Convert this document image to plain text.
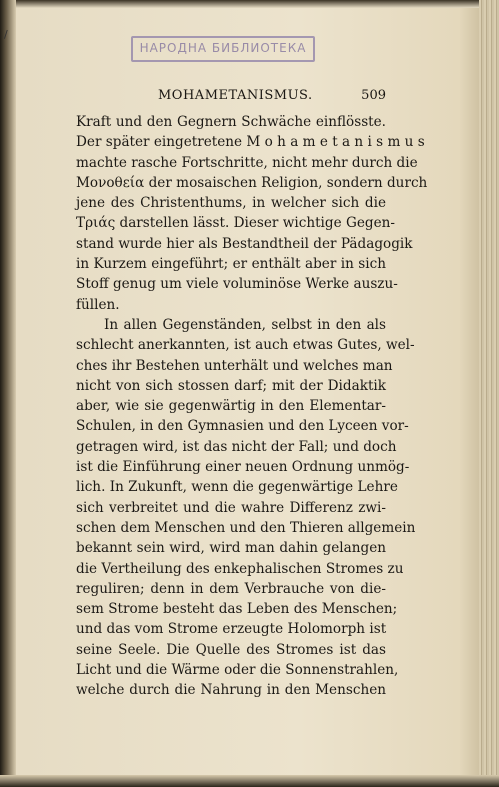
/
НАРОДНА БИБЛИОТЕКА
MOHAMETANISMUS.	509
Kraft und den Gegnern Schwäche einflösste.
Der später eingetretene M o h a m e t a n i s m u s
machte rasche Fortschritte, nicht mehr durch die
Μονοθεία der mosaischen Religion, sondern durch
jene des Christenthums, in welcher sich die
Τριάς darstellen lässt. Dieser wichtige Gegen-
stand wurde hier als Bestandtheil der Pädagogik
in Kurzem eingeführt; er enthält aber in sich
Stoff genug um viele voluminöse Werke auszu-
füllen.
In allen Gegenständen, selbst in den als
schlecht anerkannten, ist auch etwas Gutes, wel-
ches ihr Bestehen unterhält und welches man
nicht von sich stossen darf; mit der Didaktik
aber, wie sie gegenwärtig in den Elementar-
Schulen, in den Gymnasien und den Lyceen vor-
getragen wird, ist das nicht der Fall; und doch
ist die Einführung einer neuen Ordnung unmög-
lich. In Zukunft, wenn die gegenwärtige Lehre
sich verbreitet und die wahre Differenz zwi-
schen dem Menschen und den Thieren allgemein
bekannt sein wird, wird man dahin gelangen
die Vertheilung des enkephalischen Stromes zu
reguliren; denn in dem Verbrauche von die-
sem Strome besteht das Leben des Menschen;
und das vom Strome erzeugte Holomorph ist
seine Seele. Die Quelle des Stromes ist das
Licht und die Wärme oder die Sonnenstrahlen,
welche durch die Nahrung in den Menschen
